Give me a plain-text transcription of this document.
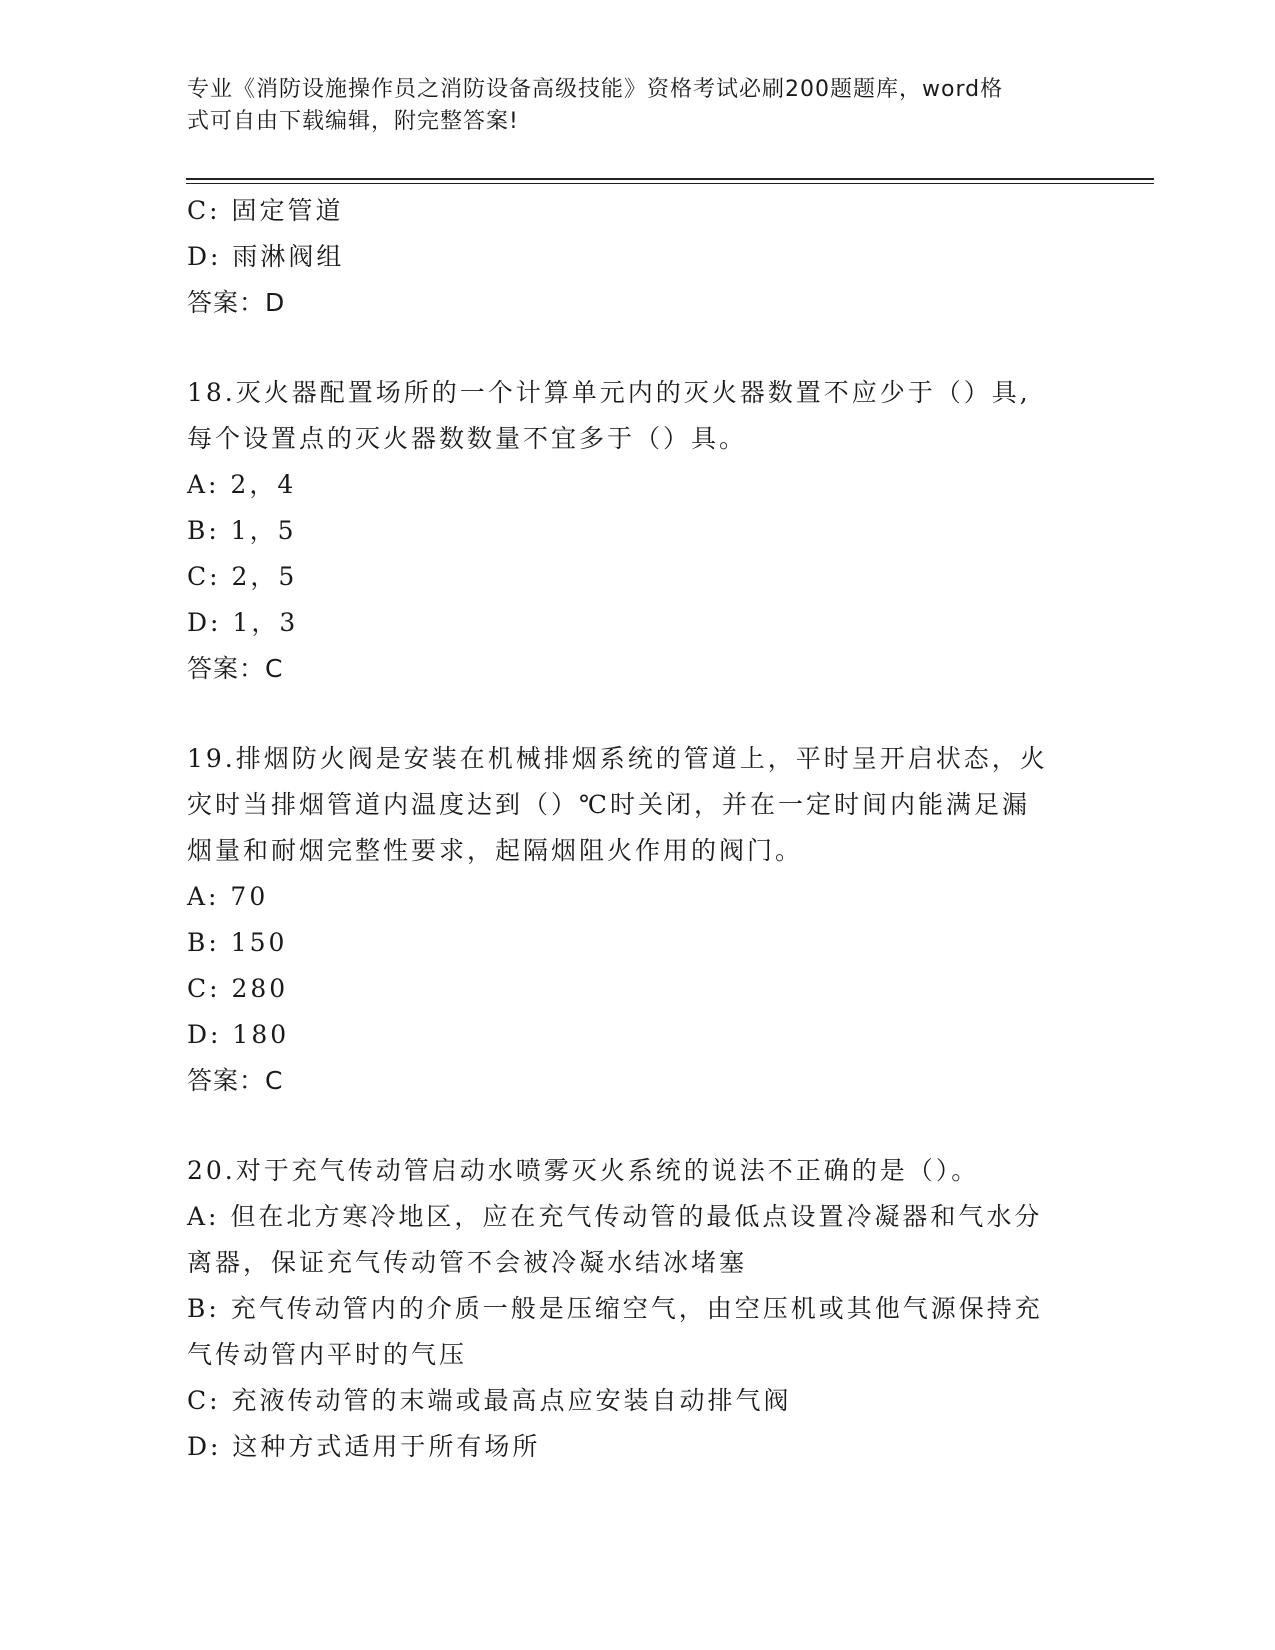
专业《消防设施操作员之消防设备高级技能》资格考试必刷200题题库，word格
式可自由下载编辑，附完整答案!
C: 固定管道
D: 雨淋阀组
答案：D
18.灭火器配置场所的一个计算单元内的灭火器数置不应少于（）具,
每个设置点的灭火器数数量不宜多于（）具。
A: 2，4
B: 1，5
C: 2，5
D: 1，3
答案：C
19.排烟防火阀是安装在机械排烟系统的管道上，平时呈开启状态，火
灾时当排烟管道内温度达到（）℃时关闭，并在一定时间内能满足漏
烟量和耐烟完整性要求，起隔烟阻火作用的阀门。
A: 70
B: 150
C: 280
D: 180
答案：C
20.对于充气传动管启动水喷雾灭火系统的说法不正确的是（）。
A: 但在北方寒冷地区，应在充气传动管的最低点设置冷凝器和气水分
离器，保证充气传动管不会被冷凝水结冰堵塞
B: 充气传动管内的介质一般是压缩空气，由空压机或其他气源保持充
气传动管内平时的气压
C: 充液传动管的末端或最高点应安装自动排气阀
D: 这种方式适用于所有场所
